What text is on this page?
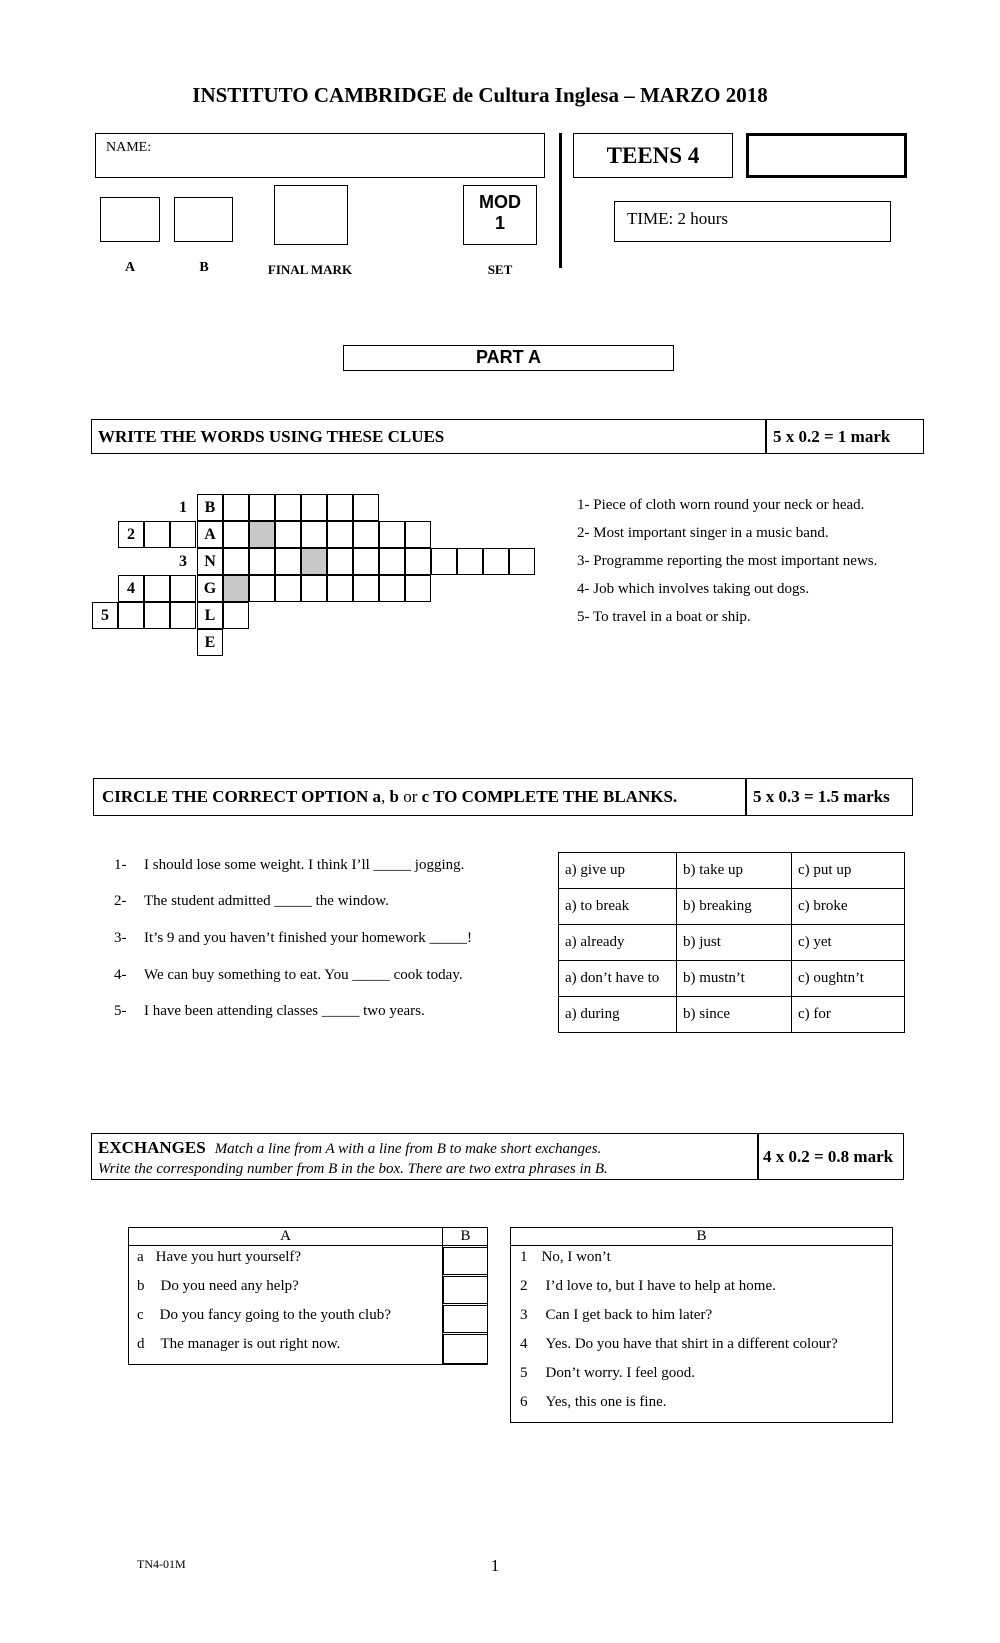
INSTITUTO CAMBRIDGE de Cultura Inglesa – MARZO 2018
NAME:	TEENS 4
MOD
1
A	B	FINAL MARK	SET
TIME: 2 hours
PART A
WRITE THE WORDS USING THESE CLUES	5 x 0.2 = 1 mark
1	B
2	A
3	N
4	G
5	L
E
1- Piece of cloth worn round your neck or head.
2- Most important singer in a music band.
3- Programme reporting the most important news.
4- Job which involves taking out dogs.
5- To travel in a boat or ship.
CIRCLE THE CORRECT OPTION a, b or c TO COMPLETE THE BLANKS.	5 x 0.3 = 1.5 marks
1- I should lose some weight. I think I’ll _____ jogging.
2- The student admitted _____ the window.
3- It’s 9 and you haven’t finished your homework _____!
4- We can buy something to eat. You _____ cook today.
5- I have been attending classes _____ two years.
a) give up	b) take up	c) put up
a) to break	b) breaking	c) broke
a) already	b) just	c) yet
a) don’t have to	b) mustn’t	c) oughtn’t
a) during	b) since	c) for
EXCHANGES Match a line from A with a line from B to make short exchanges.
Write the corresponding number from B in the box. There are two extra phrases in B.
4 x 0.2 = 0.8 mark
A	B
a Have you hurt yourself?
b Do you need any help?
c Do you fancy going to the youth club?
d The manager is out right now.
B
1 No, I won’t
2 I’d love to, but I have to help at home.
3 Can I get back to him later?
4 Yes. Do you have that shirt in a different colour?
5 Don’t worry. I feel good.
6 Yes, this one is fine.
TN4-01M	1
